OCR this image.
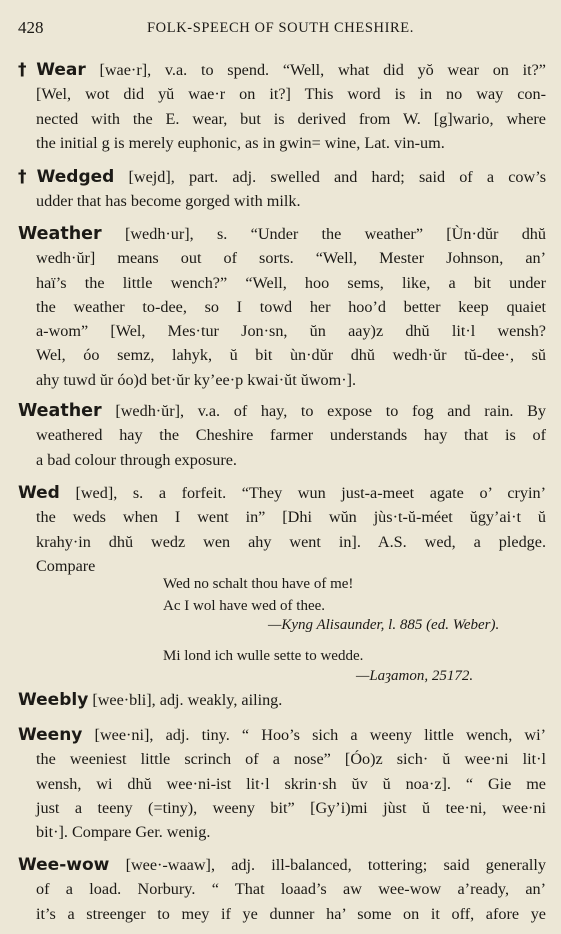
428	FOLK-SPEECH OF SOUTH CHESHIRE.
†Wear [wae·r], v.a. to spend. “Well, what did yŏ wear on it?”
[Wel, wot did yŭ wae·r on it?] This word is in no way con-
nected with the E. wear, but is derived from W. [g]wario, where
the initial g is merely euphonic, as in gwin= wine, Lat. vin-um.
†Wedged [wejd], part. adj. swelled and hard; said of a cow’s
udder that has become gorged with milk.
Weather [wedh·ur], s. “Under the weather” [Ùn·dŭr dhŭ
wedh·ŭr] means out of sorts. “Well, Mester Johnson, an’
haï’s the little wench?” “Well, hoo sems, like, a bit under
the weather to-dee, so I towd her hoo’d better keep quaiet
a-wom” [Wel, Mes·tur Jon·sn, ŭn aay)z dhŭ lit·l wensh?
Wel, óo semz, laһyk, ŭ bit ùn·dŭr dhŭ wedh·ŭr tŭ-dee·, sŭ
ahy tuwd ŭr óo)d bet·ŭr ky’ee·p kwai·ŭt ŭwom·].
Weather [wedh·ŭr], v.a. of hay, to expose to fog and rain. By
weathered hay the Cheshire farmer understands hay that is of
a bad colour through exposure.
Wed [wed], s. a forfeit. “They wun just-a-meet agate o’ cryin’
the weds when I went in” [Dhi wŭn jùs·t-ŭ-méet ŭgy’ai·t ŭ
krahy·in dhŭ wedz wen ahy went in]. A.S. wed, a pledge.
Compare
Wed no schalt thou have of me!
Ac I wol have wed of thee.
—Kyng Alisaunder, l. 885 (ed. Weber).
Mi lond ich wulle sette to wedde.
—Laȝamon, 25172.
Weebly [wee·bli], adj. weakly, ailing.
Weeny [wee·ni], adj. tiny. “ Hoo’s sich a weeny little wench, wi’
the weeniest little scrinch of a nose” [Óo)z sich· ŭ wee·ni lit·l
wensh, wi dhŭ wee·ni-ist lit·l skrin·sh ŭv ŭ noa·z]. “ Gie me
just a teeny (=tiny), weeny bit” [Gy’i)mi jùst ŭ tee·ni, wee·ni
bit·]. Compare Ger. wenig.
Wee-wow [wee·-waaw], adj. ill-balanced, tottering; said generally
of a load. Norbury. “ That loaad’s aw wee-wow a’ready, an’
it’s a streenger to mey if ye dunner ha’ some on it off, afore ye
